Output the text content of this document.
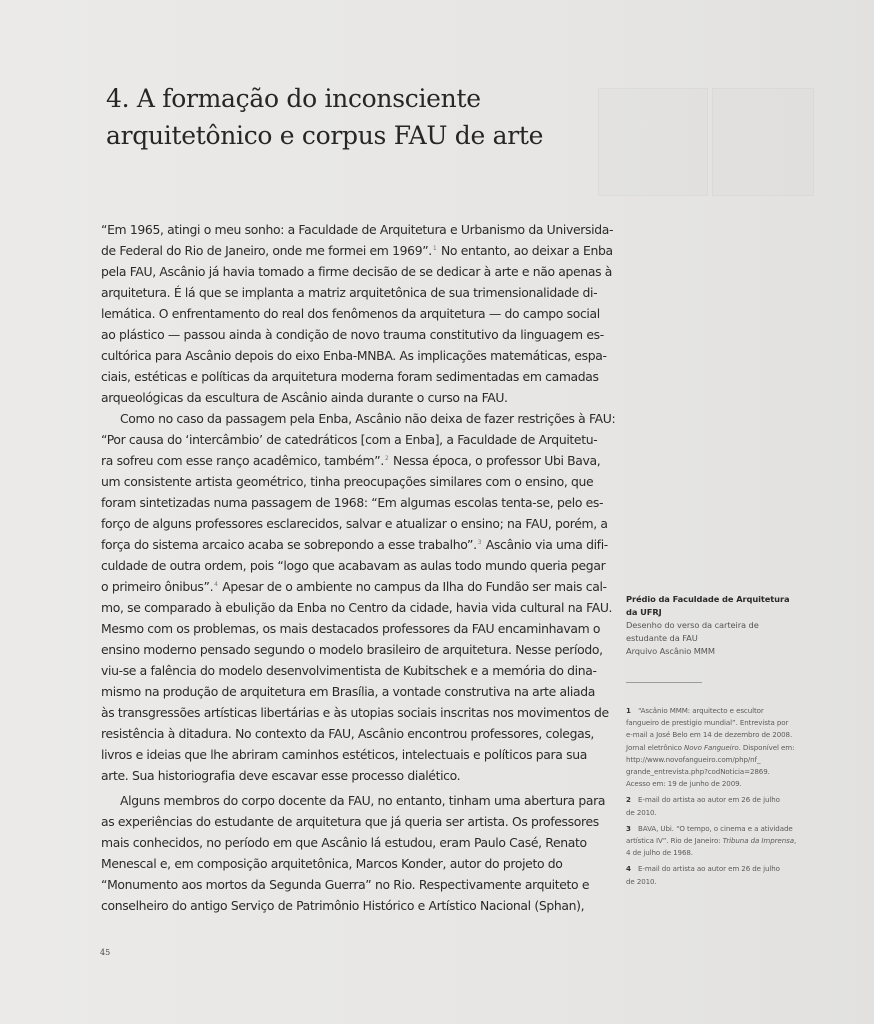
4. A formação do inconsciente
arquitetônico e corpus FAU de arte
“Em 1965, atingi o meu sonho: a Faculdade de Arquitetura e Urbanismo da Universida-
de Federal do Rio de Janeiro, onde me formei em 1969”.$^1$ No entanto, ao deixar a Enba
pela FAU, Ascânio já havia tomado a firme decisão de se dedicar à arte e não apenas à
arquitetura. É lá que se implanta a matriz arquitetônica de sua trimensionalidade di-
lemática. O enfrentamento do real dos fenômenos da arquitetura — do campo social
ao plástico — passou ainda à condição de novo trauma constitutivo da linguagem es-
cultórica para Ascânio depois do eixo Enba-MNBA. As implicações matemáticas, espa-
ciais, estéticas e políticas da arquitetura moderna foram sedimentadas em camadas
arqueológicas da escultura de Ascânio ainda durante o curso na FAU.
Como no caso da passagem pela Enba, Ascânio não deixa de fazer restrições à FAU:
“Por causa do ‘intercâmbio’ de catedráticos [com a Enba], a Faculdade de Arquitetu-
ra sofreu com esse ranço acadêmico, também”.$^2$ Nessa época, o professor Ubi Bava,
um consistente artista geométrico, tinha preocupações similares com o ensino, que
foram sintetizadas numa passagem de 1968: “Em algumas escolas tenta-se, pelo es-
forço de alguns professores esclarecidos, salvar e atualizar o ensino; na FAU, porém, a
força do sistema arcaico acaba se sobrepondo a esse trabalho”.$^3$ Ascânio via uma difi-
culdade de outra ordem, pois “logo que acabavam as aulas todo mundo queria pegar
o primeiro ônibus”.$^4$ Apesar de o ambiente no campus da Ilha do Fundão ser mais cal-
mo, se comparado à ebulição da Enba no Centro da cidade, havia vida cultural na FAU.
Mesmo com os problemas, os mais destacados professores da FAU encaminhavam o
ensino moderno pensado segundo o modelo brasileiro de arquitetura. Nesse período,
viu-se a falência do modelo desenvolvimentista de Kubitschek e a memória do dina-
mismo na produção de arquitetura em Brasília, a vontade construtiva na arte aliada
às transgressões artísticas libertárias e às utopias sociais inscritas nos movimentos de
resistência à ditadura. No contexto da FAU, Ascânio encontrou professores, colegas,
livros e ideias que lhe abriram caminhos estéticos, intelectuais e políticos para sua
arte. Sua historiografia deve escavar esse processo dialético.
Alguns membros do corpo docente da FAU, no entanto, tinham uma abertura para
as experiências do estudante de arquitetura que já queria ser artista. Os professores
mais conhecidos, no período em que Ascânio lá estudou, eram Paulo Casé, Renato
Menescal e, em composição arquitetônica, Marcos Konder, autor do projeto do
“Monumento aos mortos da Segunda Guerra” no Rio. Respectivamente arquiteto e
conselheiro do antigo Serviço de Patrimônio Histórico e Artístico Nacional (Sphan),
Prédio da Faculdade de Arquitetura
da UFRJ
Desenho do verso da carteira de
estudante da FAU
Arquivo Ascânio MMM
1 “Ascânio MMM: arquitecto e escultor
fangueiro de prestigio mundial”. Entrevista por
e-mail a José Belo em 14 de dezembro de 2008.
Jornal eletrônico Novo Fangueiro. Disponível em:
http://www.novofangueiro.com/php/nf_
grande_entrevista.php?codNoticia=2869.
Acesso em: 19 de junho de 2009.
2 E-mail do artista ao autor em 26 de julho
de 2010.
3 BAVA, Ubi. “O tempo, o cinema e a atividade
artística IV”. Rio de Janeiro: Tribuna da Imprensa,
4 de julho de 1968.
4 E-mail do artista ao autor em 26 de julho
de 2010.
45
